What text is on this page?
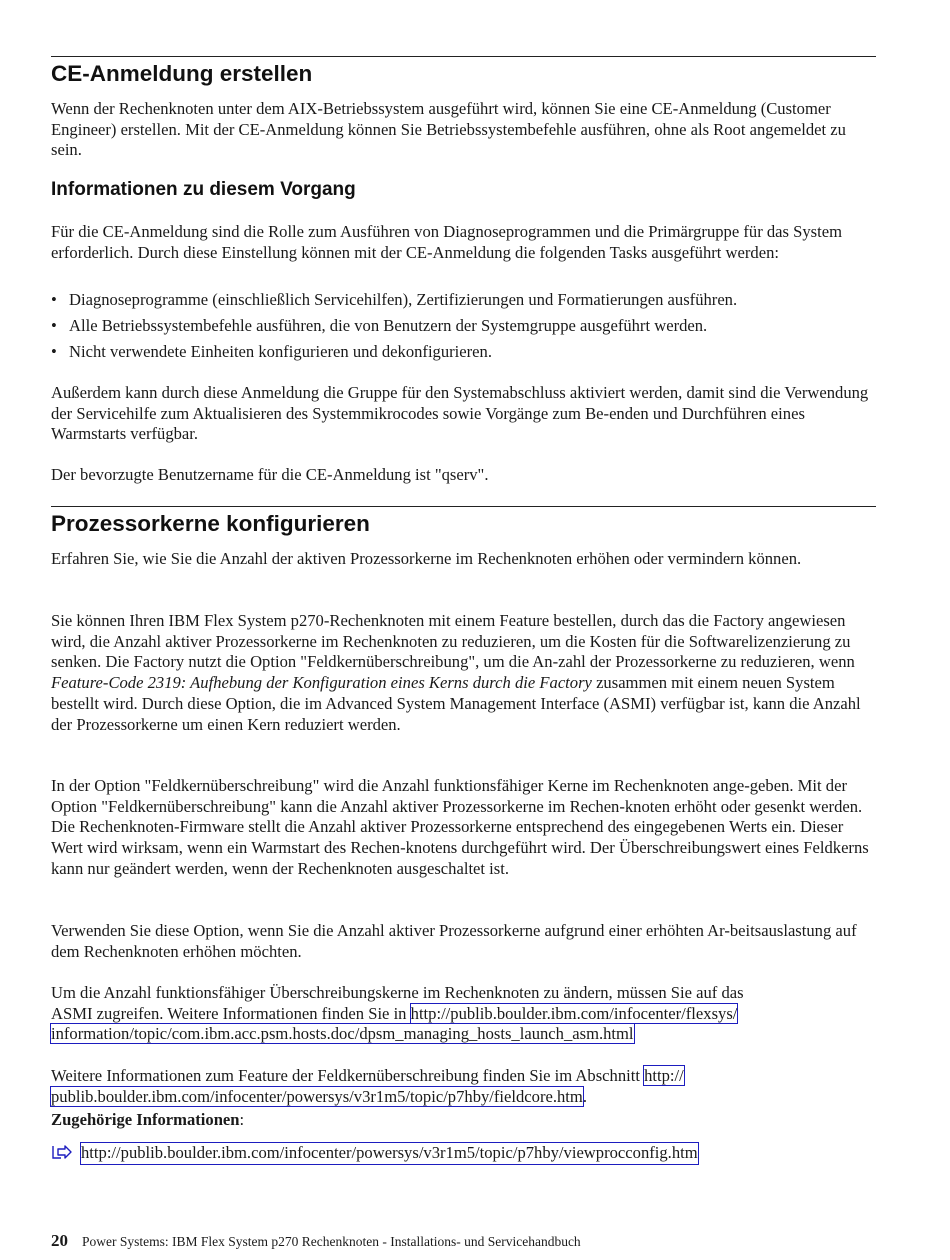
CE-Anmeldung erstellen

Wenn der Rechenknoten unter dem AIX-Betriebssystem ausgeführt wird, können Sie eine CE-Anmeldung (Customer Engineer) erstellen. Mit der CE-Anmeldung können Sie Betriebssystembefehle ausführen, ohne als Root angemeldet zu sein.

Informationen zu diesem Vorgang

Für die CE-Anmeldung sind die Rolle zum Ausführen von Diagnoseprogrammen und die Primärgruppe für das System erforderlich. Durch diese Einstellung können mit der CE-Anmeldung die folgenden Tasks ausgeführt werden:

• Diagnoseprogramme (einschließlich Servicehilfen), Zertifizierungen und Formatierungen ausführen.
• Alle Betriebssystembefehle ausführen, die von Benutzern der Systemgruppe ausgeführt werden.
• Nicht verwendete Einheiten konfigurieren und dekonfigurieren.

Außerdem kann durch diese Anmeldung die Gruppe für den Systemabschluss aktiviert werden, damit sind die Verwendung der Servicehilfe zum Aktualisieren des Systemmikrocodes sowie Vorgänge zum Be-enden und Durchführen eines Warmstarts verfügbar.

Der bevorzugte Benutzername für die CE-Anmeldung ist "qserv".

Prozessorkerne konfigurieren

Erfahren Sie, wie Sie die Anzahl der aktiven Prozessorkerne im Rechenknoten erhöhen oder vermindern können.

Sie können Ihren IBM Flex System p270-Rechenknoten mit einem Feature bestellen, durch das die Factory angewiesen wird, die Anzahl aktiver Prozessorkerne im Rechenknoten zu reduzieren, um die Kosten für die Softwarelizenzierung zu senken. Die Factory nutzt die Option "Feldkernüberschreibung", um die An-zahl der Prozessorkerne zu reduzieren, wenn Feature-Code 2319: Aufhebung der Konfiguration eines Kerns durch die Factory zusammen mit einem neuen System bestellt wird. Durch diese Option, die im Advanced System Management Interface (ASMI) verfügbar ist, kann die Anzahl der Prozessorkerne um einen Kern reduziert werden.

In der Option "Feldkernüberschreibung" wird die Anzahl funktionsfähiger Kerne im Rechenknoten ange-geben. Mit der Option "Feldkernüberschreibung" kann die Anzahl aktiver Prozessorkerne im Rechen-knoten erhöht oder gesenkt werden. Die Rechenknoten-Firmware stellt die Anzahl aktiver Prozessorkerne entsprechend des eingegebenen Werts ein. Dieser Wert wird wirksam, wenn ein Warmstart des Rechen-knotens durchgeführt wird. Der Überschreibungswert eines Feldkerns kann nur geändert werden, wenn der Rechenknoten ausgeschaltet ist.

Verwenden Sie diese Option, wenn Sie die Anzahl aktiver Prozessorkerne aufgrund einer erhöhten Ar-beitsauslastung auf dem Rechenknoten erhöhen möchten.

Um die Anzahl funktionsfähiger Überschreibungskerne im Rechenknoten zu ändern, müssen Sie auf das
ASMI zugreifen. Weitere Informationen finden Sie in http://publib.boulder.ibm.com/infocenter/flexsys/
information/topic/com.ibm.acc.psm.hosts.doc/dpsm_managing_hosts_launch_asm.html

Weitere Informationen zum Feature der Feldkernüberschreibung finden Sie im Abschnitt http://
publib.boulder.ibm.com/infocenter/powersys/v3r1m5/topic/p7hby/fieldcore.htm.

Zugehörige Informationen:

http://publib.boulder.ibm.com/infocenter/powersys/v3r1m5/topic/p7hby/viewprocconfig.htm
20 Power Systems: IBM Flex System p270 Rechenknoten - Installations- und Servicehandbuch
